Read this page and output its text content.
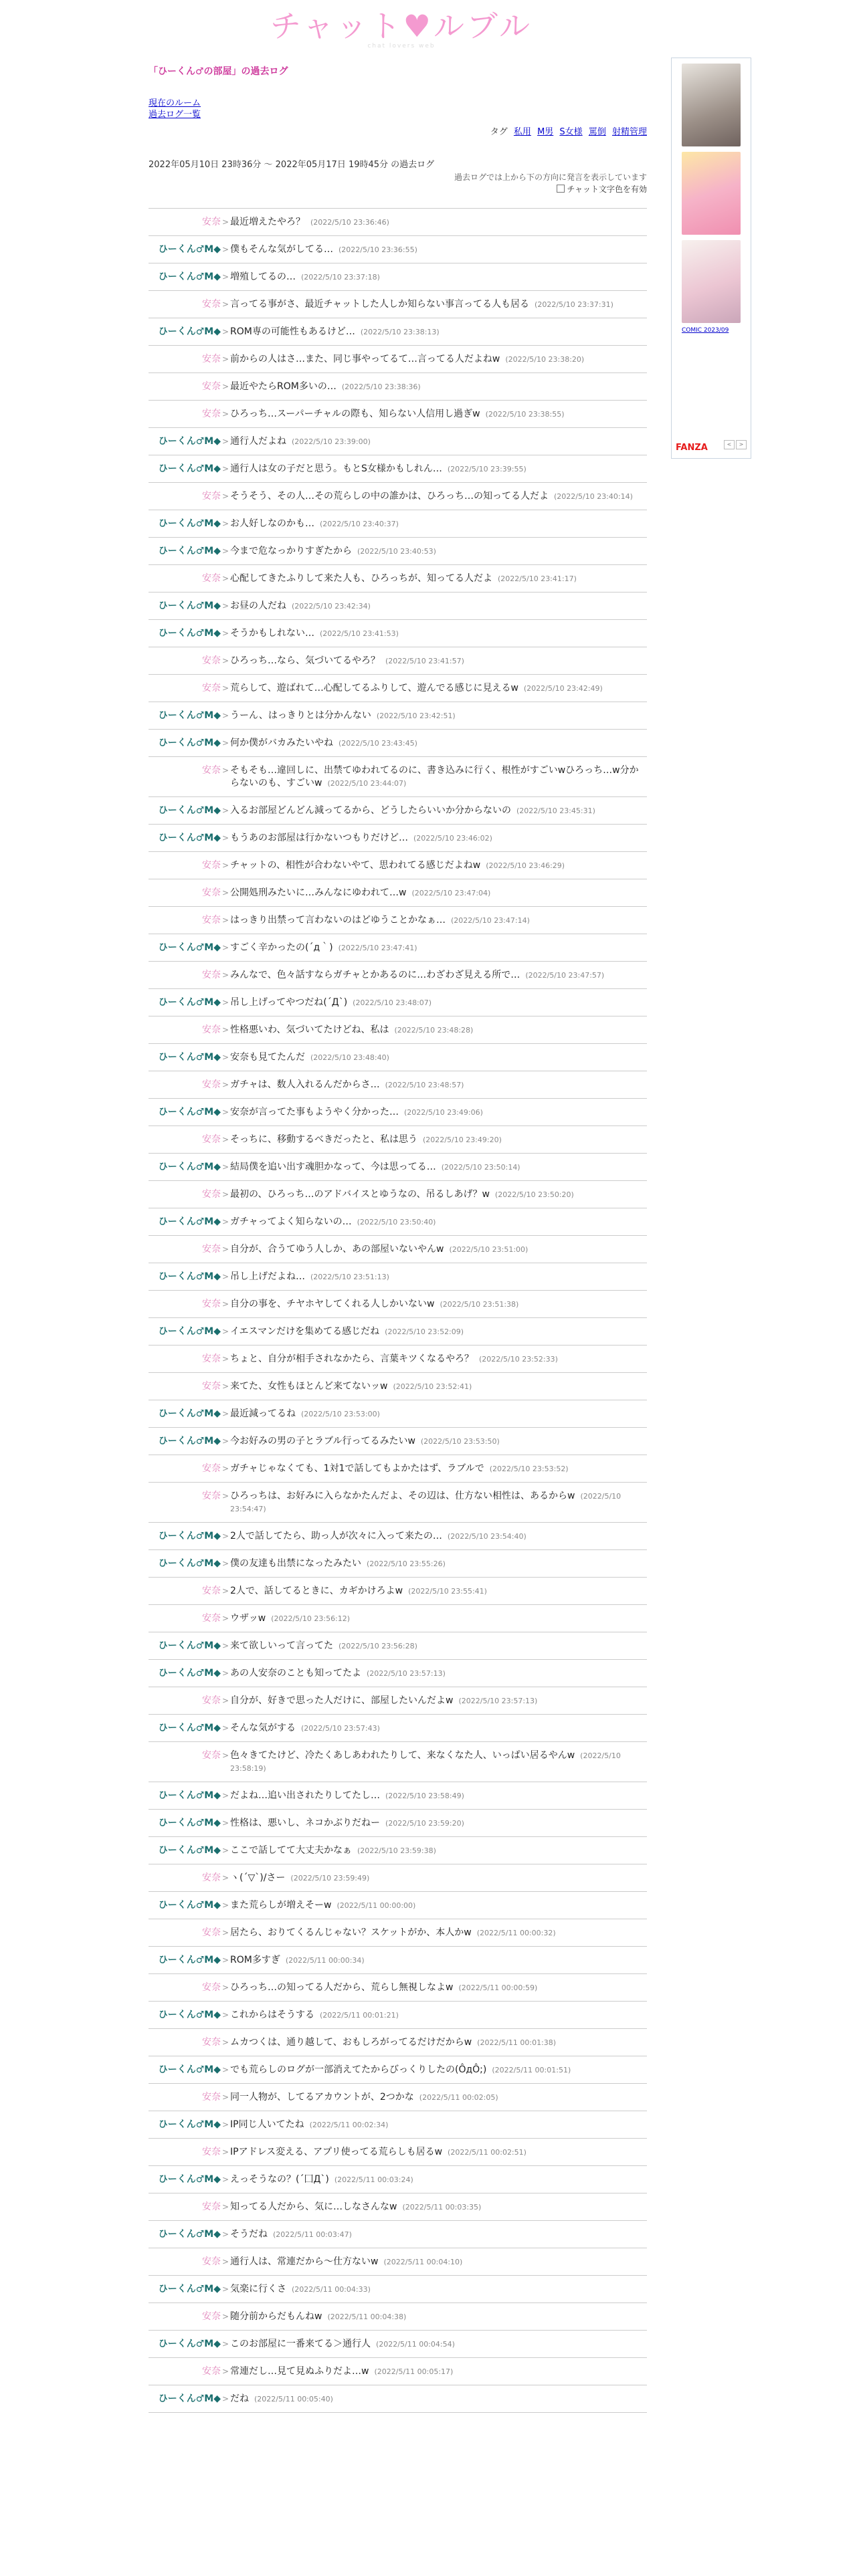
チャット♥ルブル
chat lovers web
「ひーくん♂の部屋」の過去ログ
現在のルーム
過去ログ一覧
タグ 私用 M男 S女様 罵倒 射精管理
2022年05月10日 23時36分 〜 2022年05月17日 19時45分 の過去ログ
過去ログでは上から下の方向に発言を表示しています
チャット文字色を有効
安奈 > 最近増えたやろ？ (2022/5/10 23:36:46)
ひーくん♂M◆ > 僕もそんな気がしてる… (2022/5/10 23:36:55)
ひーくん♂M◆ > 増殖してるの… (2022/5/10 23:37:18)
安奈 > 言ってる事がさ、最近チャットした人しか知らない事言ってる人も居る (2022/5/10 23:37:31)
ひーくん♂M◆ > ROM専の可能性もあるけど… (2022/5/10 23:38:13)
安奈 > 前からの人はさ…また、同じ事やってるて…言ってる人だよねw (2022/5/10 23:38:20)
安奈 > 最近やたらROM多いの… (2022/5/10 23:38:36)
安奈 > ひろっち…スーパーチャルの際も、知らない人信用し過ぎw (2022/5/10 23:38:55)
ひーくん♂M◆ > 通行人だよね (2022/5/10 23:39:00)
ひーくん♂M◆ > 通行人は女の子だと思う。もとS女様かもしれん… (2022/5/10 23:39:55)
安奈 > そうそう、その人…その荒らしの中の誰かは、ひろっち…の知ってる人だよ (2022/5/10 23:40:14)
ひーくん♂M◆ > お人好しなのかも… (2022/5/10 23:40:37)
ひーくん♂M◆ > 今まで危なっかりすぎたから (2022/5/10 23:40:53)
安奈 > 心配してきたふりして来た人も、ひろっちが、知ってる人だよ (2022/5/10 23:41:17)
ひーくん♂M◆ > お昼の人だね (2022/5/10 23:42:34)
ひーくん♂M◆ > そうかもしれない… (2022/5/10 23:41:53)
安奈 > ひろっち…なら、気づいてるやろ？ (2022/5/10 23:41:57)
安奈 > 荒らして、遊ばれて…心配してるふりして、遊んでる感じに見えるw (2022/5/10 23:42:49)
ひーくん♂M◆ > うーん、はっきりとは分かんない (2022/5/10 23:42:51)
ひーくん♂M◆ > 何か僕がバカみたいやね (2022/5/10 23:43:45)
安奈 > そもそも…違回しに、出禁てゆわれてるのに、書き込みに行く、根性がすごいwひろっち…w分からないのも、すごいw (2022/5/10 23:44:07)
ひーくん♂M◆ > 入るお部屋どんどん減ってるから、どうしたらいいか分からないの (2022/5/10 23:45:31)
ひーくん♂M◆ > もうあのお部屋は行かないつもりだけど… (2022/5/10 23:46:02)
安奈 > チャットの、相性が合わないやて、思われてる感じだよねw (2022/5/10 23:46:29)
安奈 > 公開処刑みたいに…みんなにゆわれて…w (2022/5/10 23:47:04)
安奈 > はっきり出禁って言わないのはどゆうことかなぁ… (2022/5/10 23:47:14)
ひーくん♂M◆ > すごく辛かったの(´д｀) (2022/5/10 23:47:41)
安奈 > みんなで、色々話すならガチャとかあるのに…わざわざ見える所で… (2022/5/10 23:47:57)
ひーくん♂M◆ > 吊し上げってやつだね(´Д`) (2022/5/10 23:48:07)
安奈 > 性格悪いわ、気づいてたけどね、私は (2022/5/10 23:48:28)
ひーくん♂M◆ > 安奈も見てたんだ (2022/5/10 23:48:40)
安奈 > ガチャは、数人入れるんだからさ… (2022/5/10 23:48:57)
ひーくん♂M◆ > 安奈が言ってた事もようやく分かった… (2022/5/10 23:49:06)
安奈 > そっちに、移動するべきだったと、私は思う (2022/5/10 23:49:20)
ひーくん♂M◆ > 結局僕を追い出す魂胆かなって、今は思ってる… (2022/5/10 23:50:14)
安奈 > 最初の、ひろっち…のアドバイスとゆうなの、吊るしあげ？w (2022/5/10 23:50:20)
ひーくん♂M◆ > ガチャってよく知らないの… (2022/5/10 23:50:40)
安奈 > 自分が、合うてゆう人しか、あの部屋いないやんw (2022/5/10 23:51:00)
ひーくん♂M◆ > 吊し上げだよね… (2022/5/10 23:51:13)
安奈 > 自分の事を、チヤホヤしてくれる人しかいないw (2022/5/10 23:51:38)
ひーくん♂M◆ > イエスマンだけを集めてる感じだね (2022/5/10 23:52:09)
安奈 > ちょと、自分が相手されなかたら、言葉キツくなるやろ？ (2022/5/10 23:52:33)
安奈 > 来てた、女性もほとんど来てないッw (2022/5/10 23:52:41)
ひーくん♂M◆ > 最近減ってるね (2022/5/10 23:53:00)
ひーくん♂M◆ > 今お好みの男の子とラブル行ってるみたいw (2022/5/10 23:53:50)
安奈 > ガチャじゃなくても、1対1で話してもよかたはず、ラブルで (2022/5/10 23:53:52)
安奈 > ひろっちは、お好みに入らなかたんだよ、その辺は、仕方ない相性は、あるからw (2022/5/10 23:54:47)
ひーくん♂M◆ > 2人で話してたら、助っ人が次々に入って来たの… (2022/5/10 23:54:40)
ひーくん♂M◆ > 僕の友達も出禁になったみたい (2022/5/10 23:55:26)
安奈 > 2人で、話してるときに、カギかけろよw (2022/5/10 23:55:41)
安奈 > ウザッw (2022/5/10 23:56:12)
ひーくん♂M◆ > 来て欲しいって言ってた (2022/5/10 23:56:28)
ひーくん♂M◆ > あの人安奈のことも知ってたよ (2022/5/10 23:57:13)
安奈 > 自分が、好きで思った人だけに、部屋したいんだよw (2022/5/10 23:57:13)
ひーくん♂M◆ > そんな気がする (2022/5/10 23:57:43)
安奈 > 色々きてたけど、冷たくあしあわれたりして、来なくなた人、いっぱい居るやんw (2022/5/10 23:58:19)
ひーくん♂M◆ > だよね…追い出されたりしてたし… (2022/5/10 23:58:49)
ひーくん♂M◆ > 性格は、悪いし、ネコかぶりだねー (2022/5/10 23:59:20)
ひーくん♂M◆ > ここで話してて大丈夫かなぁ (2022/5/10 23:59:38)
安奈 > ヽ(´▽`)/さー (2022/5/10 23:59:49)
ひーくん♂M◆ > また荒らしが増えそーw (2022/5/11 00:00:00)
安奈 > 居たら、おりてくるんじゃない？スケットがか、本人かw (2022/5/11 00:00:32)
ひーくん♂M◆ > ROM多すぎ (2022/5/11 00:00:34)
安奈 > ひろっち…の知ってる人だから、荒らし無視しなよw (2022/5/11 00:00:59)
ひーくん♂M◆ > これからはそうする (2022/5/11 00:01:21)
安奈 > ムカつくは、通り越して、おもしろがってるだけだからw (2022/5/11 00:01:38)
ひーくん♂M◆ > でも荒らしのログが一部消えてたからびっくりしたの(ÔдÔ;) (2022/5/11 00:01:51)
安奈 > 同一人物が、してるアカウントが、2つかな (2022/5/11 00:02:05)
ひーくん♂M◆ > IP同じ人いてたね (2022/5/11 00:02:34)
安奈 > IPアドレス変える、アプリ使ってる荒らしも居るw (2022/5/11 00:02:51)
ひーくん♂M◆ > えっそうなの？(´囗Д`) (2022/5/11 00:03:24)
安奈 > 知ってる人だから、気に…しなさんなw (2022/5/11 00:03:35)
ひーくん♂M◆ > そうだね (2022/5/11 00:03:47)
安奈 > 通行人は、常連だから〜仕方ないw (2022/5/11 00:04:10)
ひーくん♂M◆ > 気楽に行くさ (2022/5/11 00:04:33)
安奈 > 随分前からだもんねw (2022/5/11 00:04:38)
ひーくん♂M◆ > このお部屋に一番来てる＞通行人 (2022/5/11 00:04:54)
安奈 > 常連だし…見て見ぬふりだよ…w (2022/5/11 00:05:17)
ひーくん♂M◆ > だね (2022/5/11 00:05:40)
COMIC 2023/09
FANZA	>
<
